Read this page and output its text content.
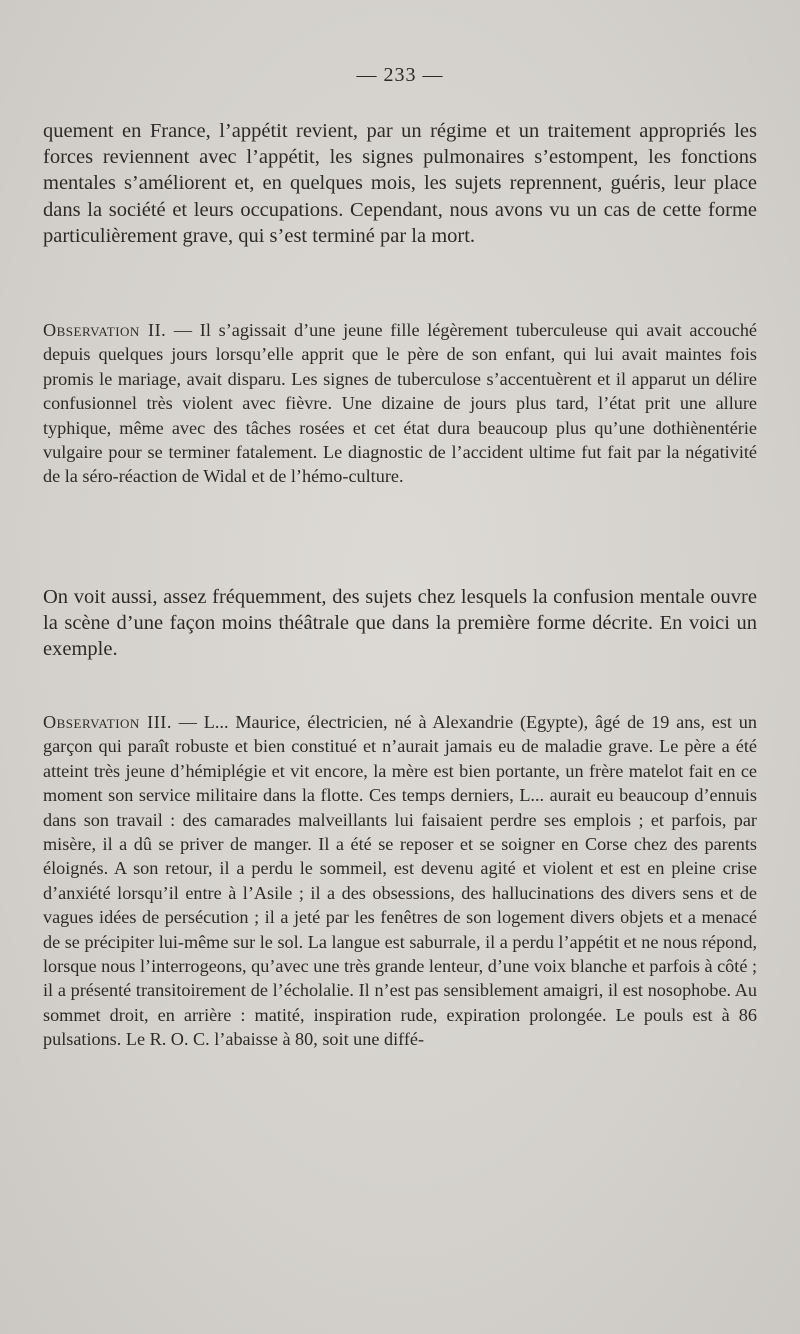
— 233 —

quement en France, l’appétit revient, par un régime et un traitement appropriés les forces reviennent avec l’appétit, les signes pulmonaires s’estompent, les fonctions mentales s’améliorent et, en quelques mois, les sujets reprennent, guéris, leur place dans la société et leurs occupations. Cependant, nous avons vu un cas de cette forme particulièrement grave, qui s’est terminé par la mort.

Observation II. — Il s’agissait d’une jeune fille légèrement tuberculeuse qui avait accouché depuis quelques jours lorsqu’elle apprit que le père de son enfant, qui lui avait maintes fois promis le mariage, avait disparu. Les signes de tuberculose s’accentuèrent et il apparut un délire confusionnel très violent avec fièvre. Une dizaine de jours plus tard, l’état prit une allure typhique, même avec des tâches rosées et cet état dura beaucoup plus qu’une dothiènentérie vulgaire pour se terminer fatalement. Le diagnostic de l’accident ultime fut fait par la négativité de la séro-réaction de Widal et de l’hémo-culture.

On voit aussi, assez fréquemment, des sujets chez lesquels la confusion mentale ouvre la scène d’une façon moins théâtrale que dans la première forme décrite. En voici un exemple.

Observation III. — L... Maurice, électricien, né à Alexandrie (Egypte), âgé de 19 ans, est un garçon qui paraît robuste et bien constitué et n’aurait jamais eu de maladie grave. Le père a été atteint très jeune d’hémiplégie et vit encore, la mère est bien portante, un frère matelot fait en ce moment son service militaire dans la flotte. Ces temps derniers, L... aurait eu beaucoup d’ennuis dans son travail : des camarades malveillants lui faisaient perdre ses emplois ; et parfois, par misère, il a dû se priver de manger. Il a été se reposer et se soigner en Corse chez des parents éloignés. A son retour, il a perdu le sommeil, est devenu agité et violent et est en pleine crise d’anxiété lorsqu’il entre à l’Asile ; il a des obsessions, des hallucinations des divers sens et de vagues idées de persécution ; il a jeté par les fenêtres de son logement divers objets et a menacé de se précipiter lui-même sur le sol. La langue est saburrale, il a perdu l’appétit et ne nous répond, lorsque nous l’interrogeons, qu’avec une très grande lenteur, d’une voix blanche et parfois à côté ; il a présenté transitoirement de l’écholalie. Il n’est pas sensiblement amaigri, il est nosophobe. Au sommet droit, en arrière : matité, inspiration rude, expiration prolongée. Le pouls est à 86 pulsations. Le R. O. C. l’abaisse à 80, soit une diffé-
